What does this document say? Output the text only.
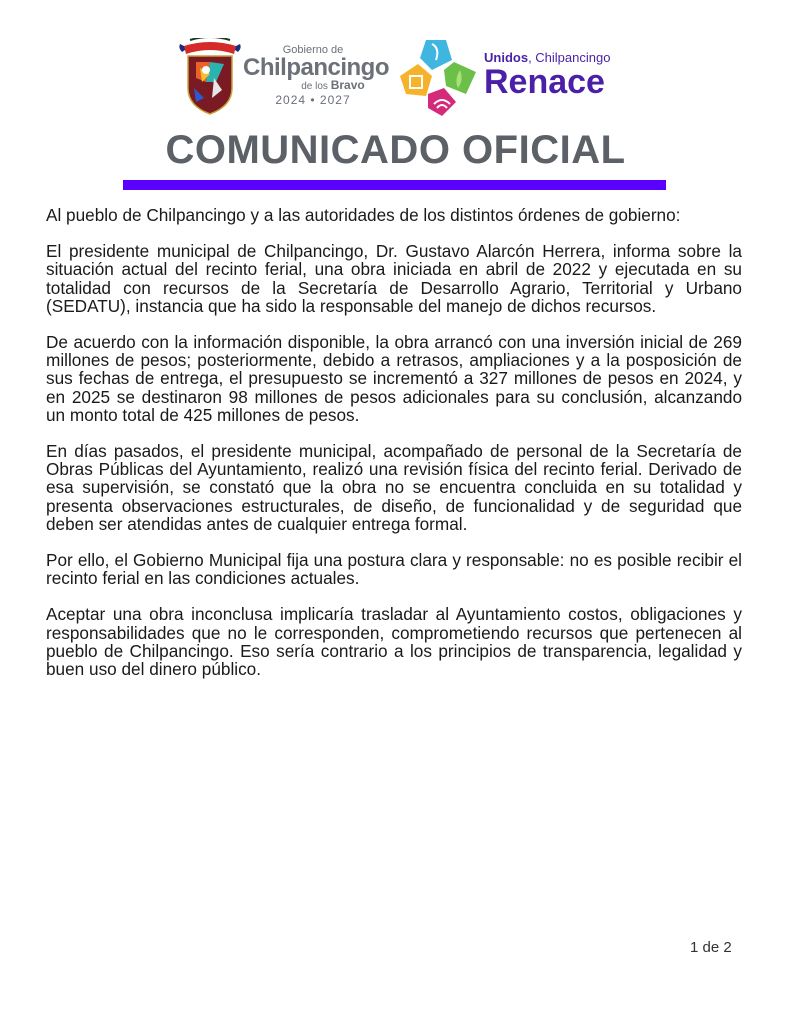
Gobierno de
Chilpancingo
de los Bravo
2024 • 2027
Unidos, Chilpancingo
Renace
COMUNICADO OFICIAL

Al pueblo de Chilpancingo y a las autoridades de los distintos órdenes de gobierno:

El presidente municipal de Chilpancingo, Dr. Gustavo Alarcón Herrera, informa sobre la situación actual del recinto ferial, una obra iniciada en abril de 2022 y ejecutada en su totalidad con recursos de la Secretaría de Desarrollo Agrario, Territorial y Urbano (SEDATU), instancia que ha sido la responsable del manejo de dichos recursos.

De acuerdo con la información disponible, la obra arrancó con una inversión inicial de 269 millones de pesos; posteriormente, debido a retrasos, ampliaciones y a la posposición de sus fechas de entrega, el presupuesto se incrementó a 327 millones de pesos en 2024, y en 2025 se destinaron 98 millones de pesos adicionales para su conclusión, alcanzando un monto total de 425 millones de pesos.

En días pasados, el presidente municipal, acompañado de personal de la Secretaría de Obras Públicas del Ayuntamiento, realizó una revisión física del recinto ferial. Derivado de esa supervisión, se constató que la obra no se encuentra concluida en su totalidad y presenta observaciones estructurales, de diseño, de funcionalidad y de seguridad que deben ser atendidas antes de cualquier entrega formal.

Por ello, el Gobierno Municipal fija una postura clara y responsable: no es posible recibir el recinto ferial en las condiciones actuales.

Aceptar una obra inconclusa implicaría trasladar al Ayuntamiento costos, obligaciones y responsabilidades que no le corresponden, comprometiendo recursos que pertenecen al pueblo de Chilpancingo. Eso sería contrario a los principios de transparencia, legalidad y buen uso del dinero público.

1 de 2
